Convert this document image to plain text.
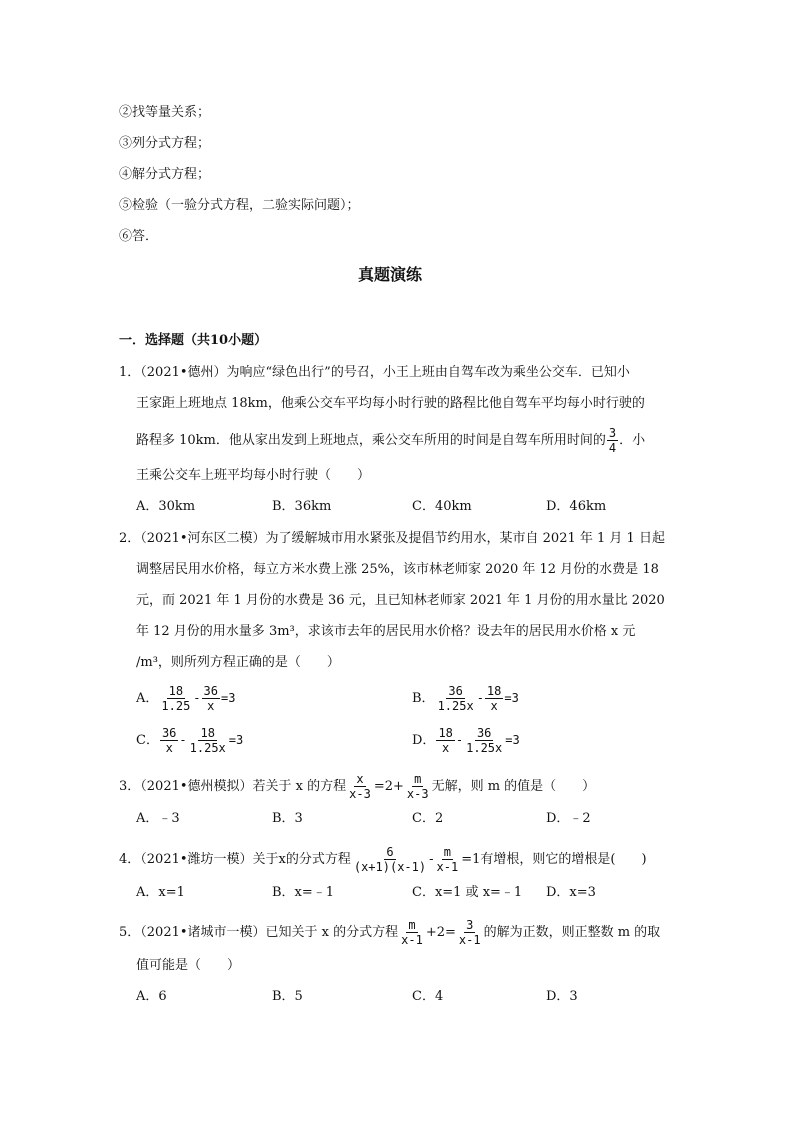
②找等量关系；
③列分式方程；
④解分式方程；
⑤检验（一验分式方程，二验实际问题）；
⑥答．
真题演练
一．选择题（共10小题）
1．（2021•德州）为响应“绿色出行”的号召，小王上班由自驾车改为乘坐公交车．已知小
王家距上班地点 18km，他乘公交车平均每小时行驶的路程比他自驾车平均每小时行驶的
路程多 10km．他从家出发到上班地点，乘公交车所用的时间是自驾车所用时间的 $\frac{3}{4}$ ．小
王乘公交车上班平均每小时行驶（　　）
A．30km	B．36km	C．40km	D．46km
2．（2021•河东区二模）为了缓解城市用水紧张及提倡节约用水，某市自 2021 年 1 月 1 日起
调整居民用水价格，每立方米水费上涨 25%，该市林老师家 2020 年 12 月份的水费是 18
元，而 2021 年 1 月份的水费是 36 元，且已知林老师家 2021 年 1 月份的用水量比 2020
年 12 月份的用水量多 3m³，求该市去年的居民用水价格？设去年的居民用水价格 x 元
/m³，则所列方程正确的是（　　）
A． $\frac{18}{1.25} - \frac{36}{x} =3$	B． $\frac{36}{1.25x} - \frac{18}{x} =3$
C． $\frac{36}{x} - \frac{18}{1.25x} =3$	D． $\frac{18}{x} - \frac{36}{1.25x} =3$
3．（2021•德州模拟）若关于 x 的方程 $\frac{x}{x-3} =2+ \frac{m}{x-3}$ 无解，则 m 的值是（　　）
A．﹣3	B．3	C．2	D．﹣2
4．（2021•潍坊一模）关于x的分式方程 $\frac{6}{(x+1)(x-1)} - \frac{m}{x-1} =1$有增根，则它的增根是(　　)
A．x=1	B．x=﹣1	C．x=1 或 x=﹣1 D．x=3
5．（2021•诸城市一模）已知关于 x 的分式方程 $\frac{m}{x-1} +2= \frac{3}{x-1}$ 的解为正数，则正整数 m 的取
值可能是（　　）
A．6	B．5	C．4	D．3
